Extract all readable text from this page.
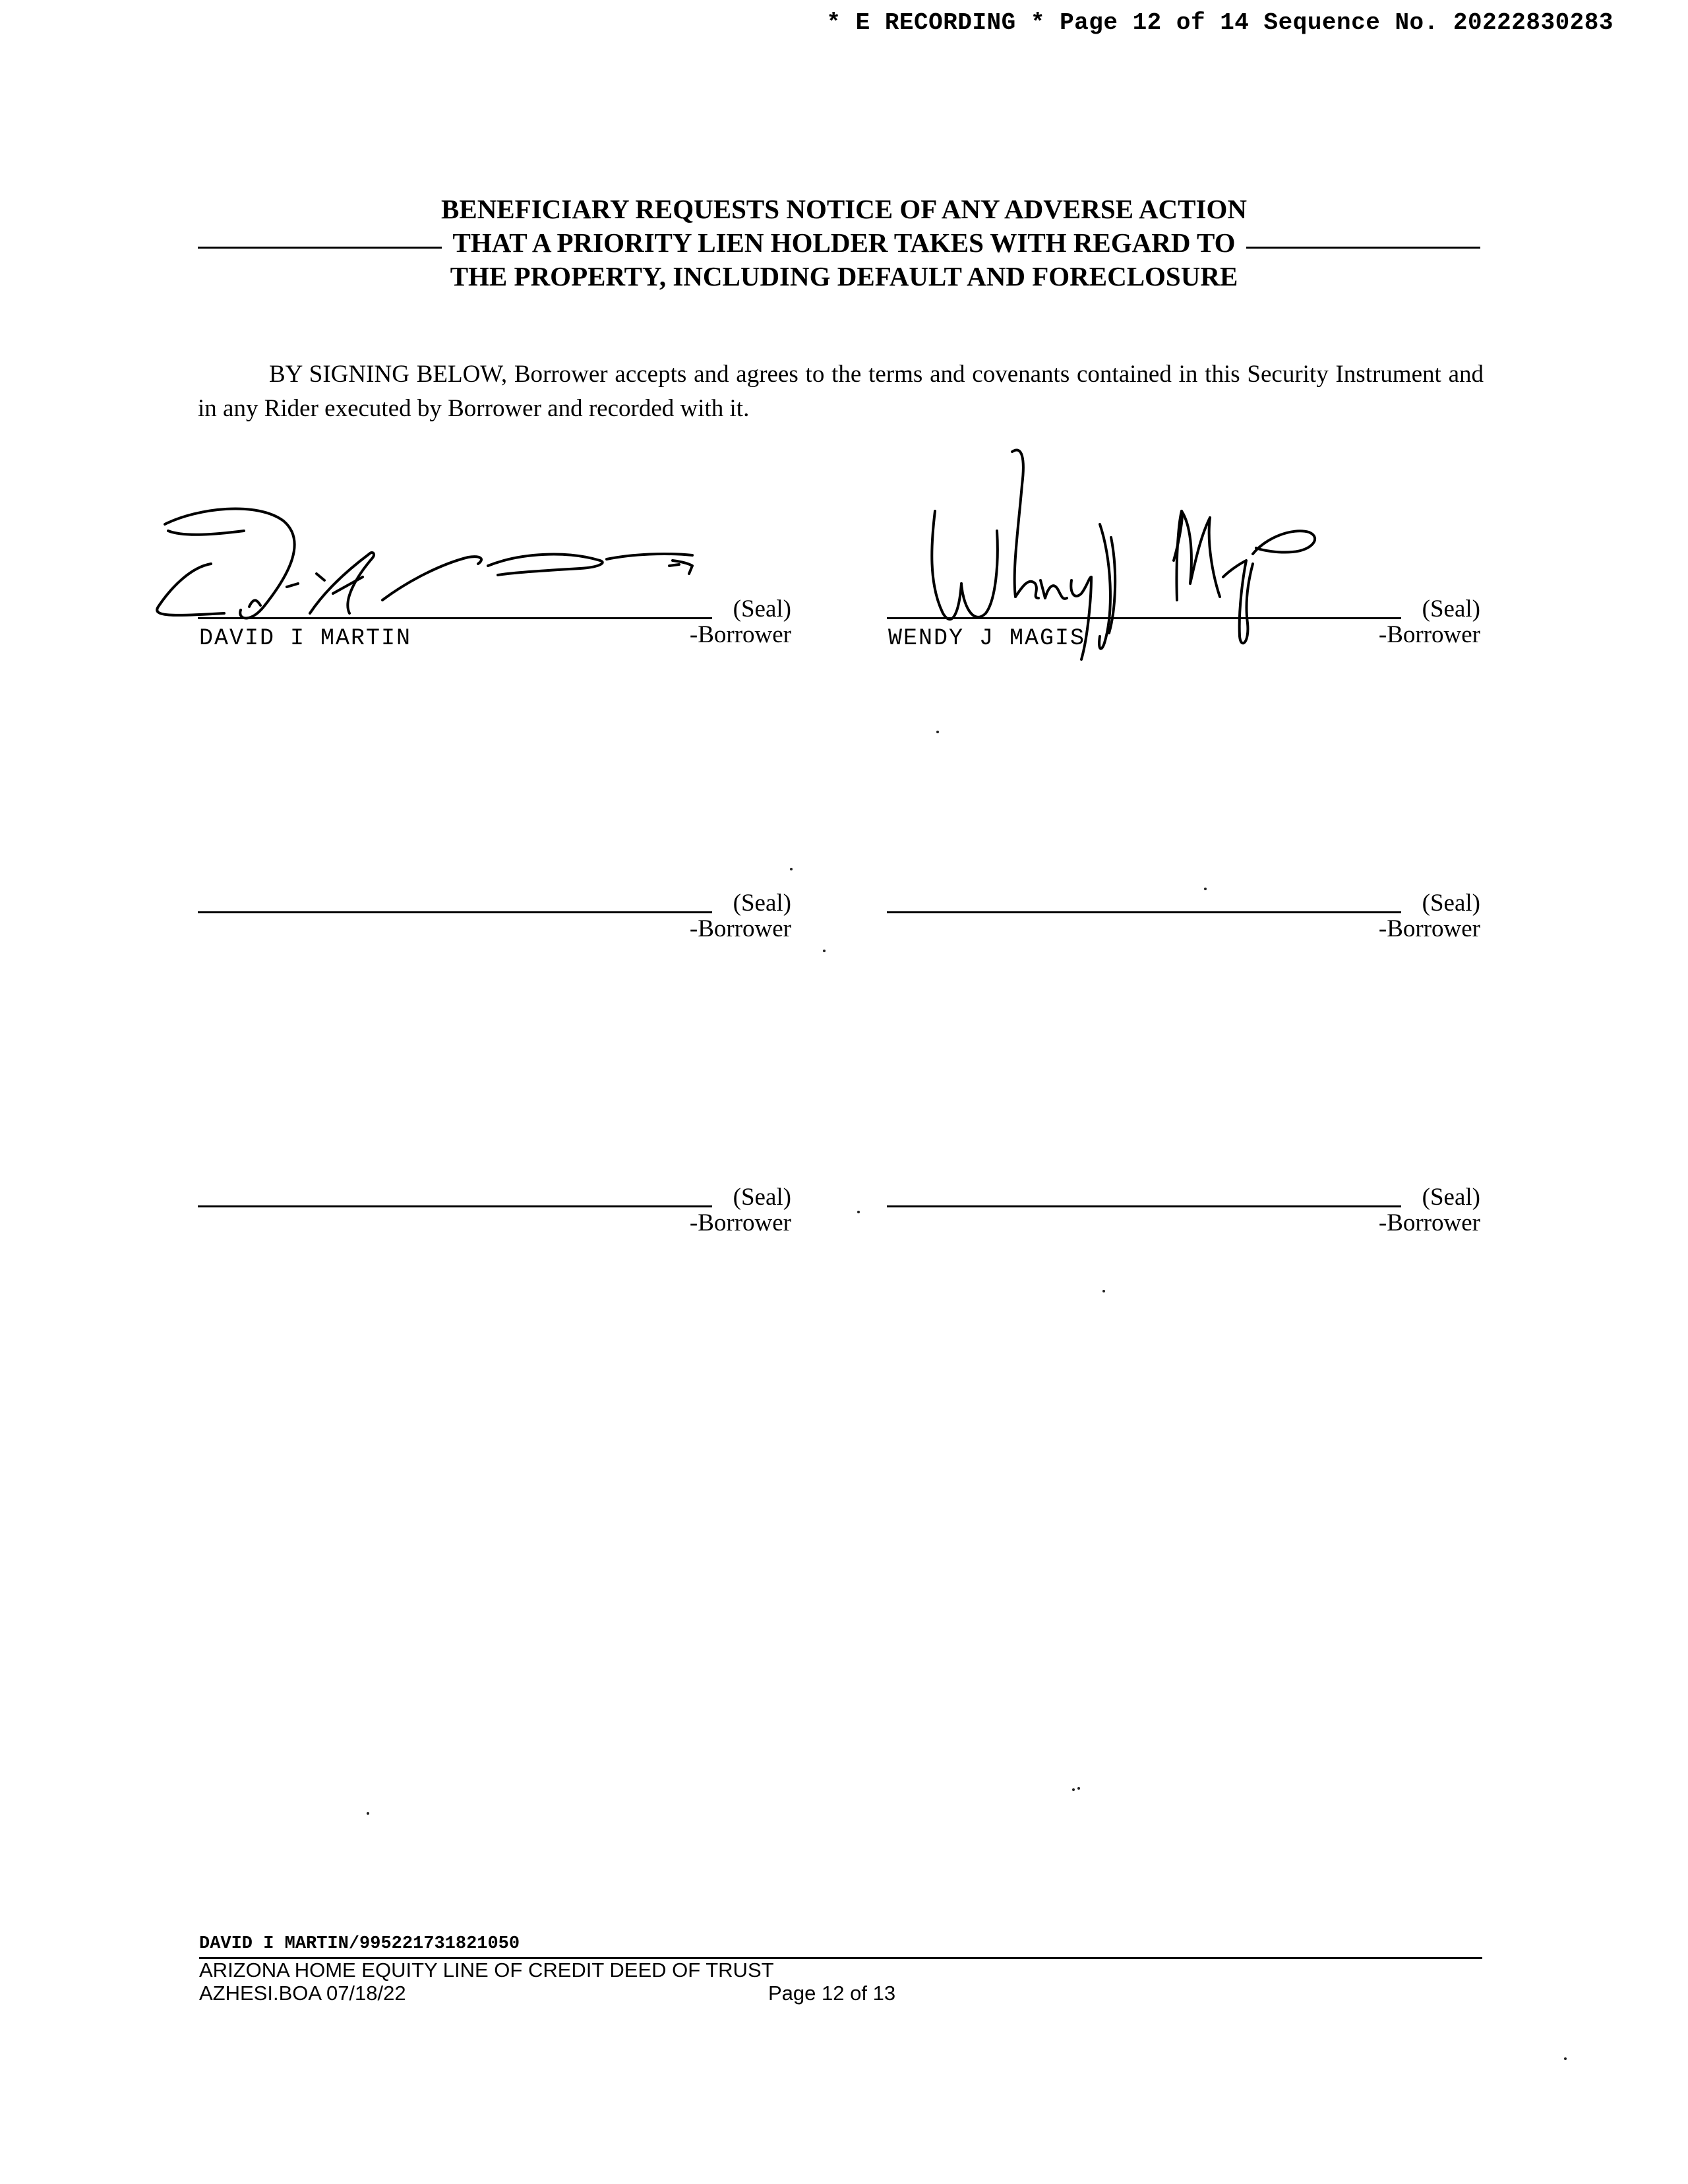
* E RECORDING * Page 12 of 14 Sequence No. 20222830283
BENEFICIARY REQUESTS NOTICE OF ANY ADVERSE ACTION
THAT A PRIORITY LIEN HOLDER TAKES WITH REGARD TO
THE PROPERTY, INCLUDING DEFAULT AND FORECLOSURE
BY SIGNING BELOW, Borrower accepts and agrees to the terms and covenants contained in this Security Instrument and in any Rider executed by Borrower and recorded with it.
(Seal)
-Borrower
DAVID I MARTIN
(Seal)
-Borrower
WENDY J MAGIS
(Seal)
-Borrower
(Seal)
-Borrower
(Seal)
-Borrower
(Seal)
-Borrower
DAVID I MARTIN/995221731821050
ARIZONA HOME EQUITY LINE OF CREDIT DEED OF TRUST
AZHESI.BOA 07/18/22	Page 12 of 13
